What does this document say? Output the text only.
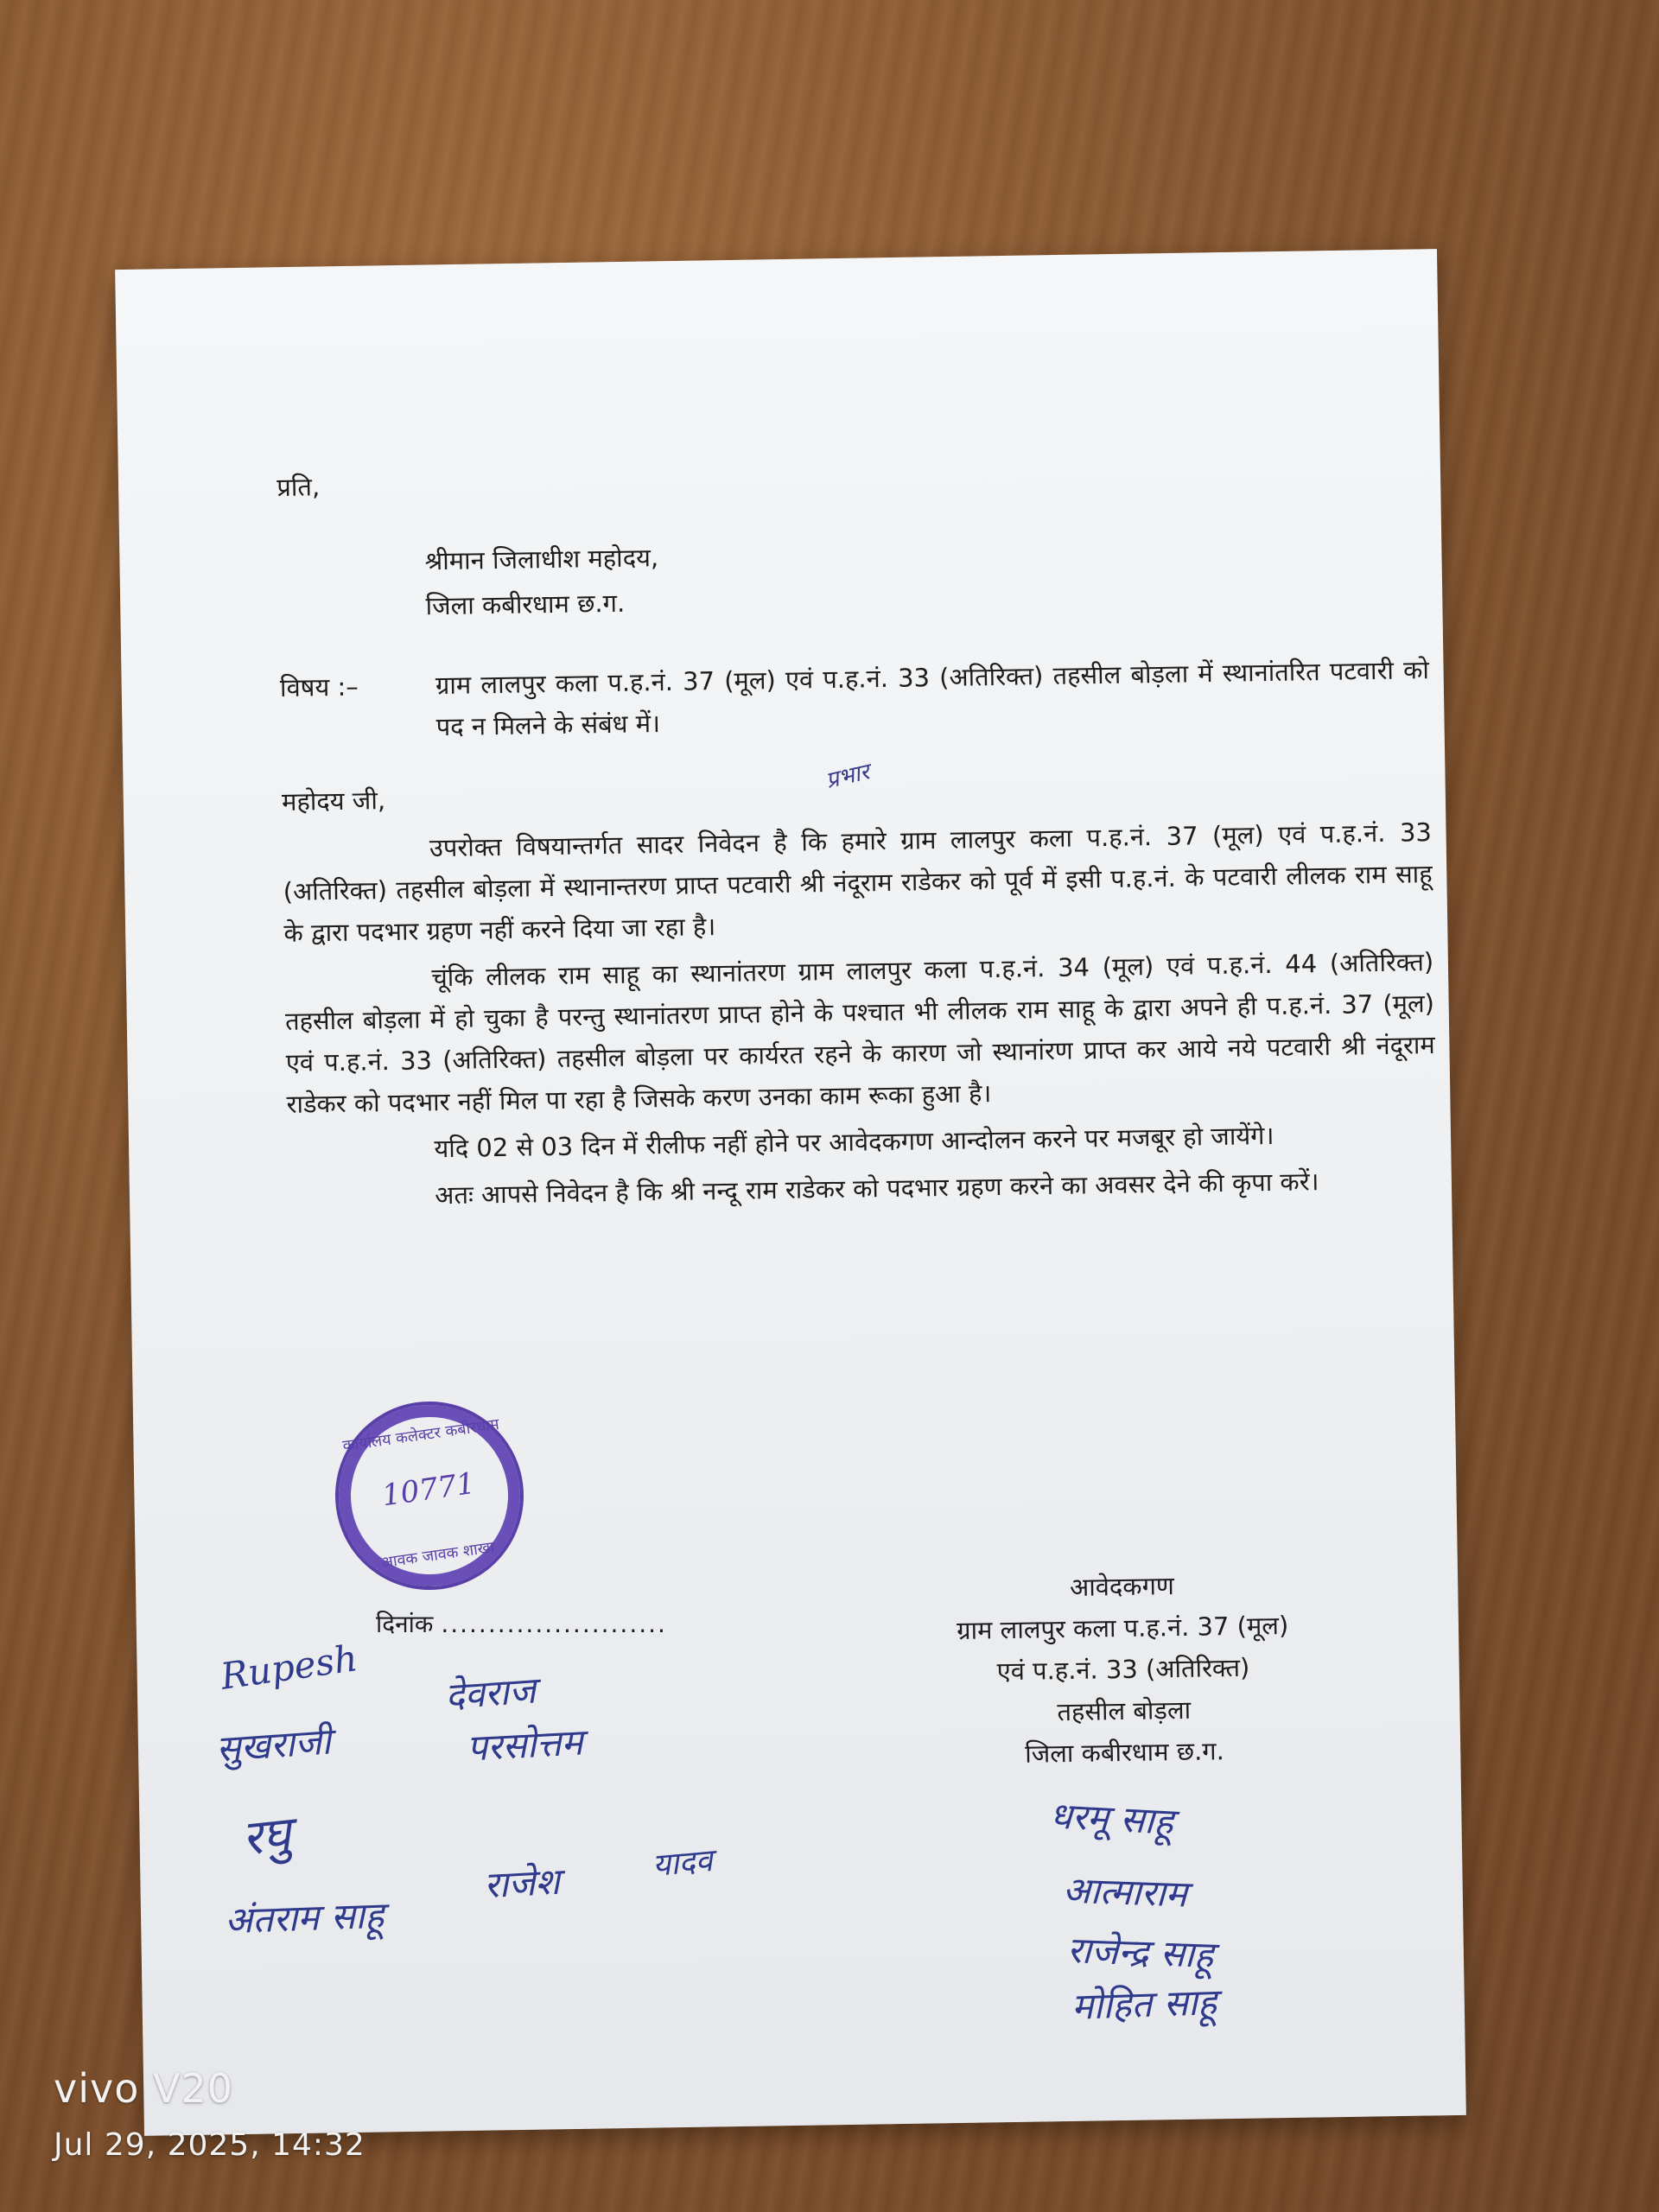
प्रति,
श्रीमान जिलाधीश महोदय,
जिला कबीरधाम छ.ग.
विषय :–	ग्राम लालपुर कला प.ह.नं. 37 (मूल) एवं प.ह.नं. 33 (अतिरिक्त) तहसील बोड़ला में स्थानांतरित पटवारी को पद न मिलने के संबंध में।
महोदय जी,

उपरोक्त विषयान्तर्गत सादर निवेदन है कि हमारे ग्राम लालपुर कला प.ह.नं. 37 (मूल) एवं प.ह.नं. 33 (अतिरिक्त) तहसील बोड़ला में स्थानान्तरण प्राप्त पटवारी श्री नंदूराम राडेकर को पूर्व में इसी प.ह.नं. के पटवारी लीलक राम साहू के द्वारा पदभार ग्रहण नहीं करने दिया जा रहा है।

चूंकि लीलक राम साहू का स्थानांतरण ग्राम लालपुर कला प.ह.नं. 34 (मूल) एवं प.ह.नं. 44 (अतिरिक्त) तहसील बोड़ला में हो चुका है परन्तु स्थानांतरण प्राप्त होने के पश्चात भी लीलक राम साहू के द्वारा अपने ही प.ह.नं. 37 (मूल) एवं प.ह.नं. 33 (अतिरिक्त) तहसील बोड़ला पर कार्यरत रहने के कारण जो स्थानांरण प्राप्त कर आये नये पटवारी श्री नंदूराम राडेकर को पदभार नहीं मिल पा रहा है जिसके करण उनका काम रूका हुआ है।

यदि 02 से 03 दिन में रीलीफ नहीं होने पर आवेदकगण आन्दोलन करने पर मजबूर हो जायेंगे।

अतः आपसे निवेदन है कि श्री नन्दू राम राडेकर को पदभार ग्रहण करने का अवसर देने की कृपा करें।

प्रभार
कार्यालय कलेक्टर कबीरधाम
10771
आवक जावक शाखा
दिनांक ........................
आवेदकगण
ग्राम लालपुर कला प.ह.नं. 37 (मूल)
एवं प.ह.नं. 33 (अतिरिक्त)
तहसील बोड़ला
जिला कबीरधाम छ.ग.
Rupesh देवराज
सुखराजी	परसोत्तम
रघु
अंतराम साहू
राजेश	यादव
धरमू साहू
आत्माराम
राजेन्द्र साहू
मोहित साहू
vivo V20
Jul 29, 2025, 14:32
